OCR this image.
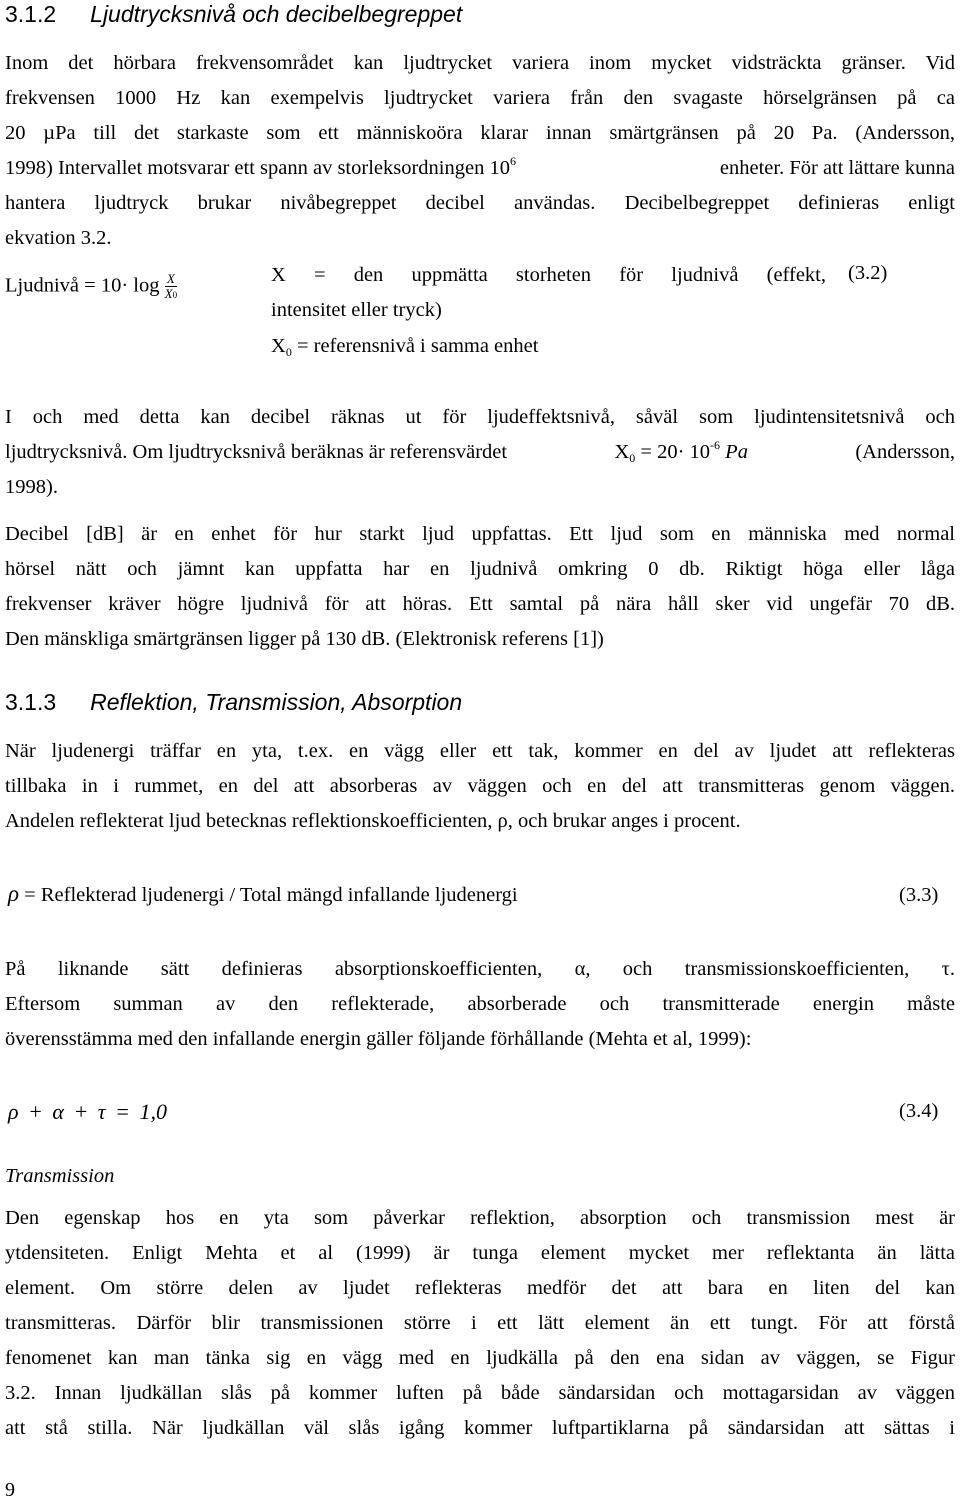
3.1.2 Ljudtrycksnivå och decibelbegreppet
Inom det hörbara frekvensområdet kan ljudtrycket variera inom mycket vidsträckta gränser. Vid
frekvensen 1000 Hz kan exempelvis ljudtrycket variera från den svagaste hörselgränsen på ca
20 µPa till det starkaste som ett människoöra klarar innan smärtgränsen på 20 Pa. (Andersson,
1998) Intervallet motsvarar ett spann av storleksordningen $10^6$	enheter. För att lättare kunna
hantera ljudtryck brukar nivåbegreppet decibel användas. Decibelbegreppet definieras enligt
ekvation 3.2.
Ljudnivå = $10\cdot \log \frac{X}{X0}$	X = den uppmätta storheten för ljudnivå (effekt, (3.2)
intensitet eller tryck)
$X_0$ = referensnivå i samma enhet
I och med detta kan decibel räknas ut för ljudeffektsnivå, såväl som ljudintensitetsnivå och
ljudtrycksnivå. Om ljudtrycksnivå beräknas är referensvärdet	$X_0 = 20\cdot 10^{-6}$ Pa	(Andersson,
1998).
Decibel [dB] är en enhet för hur starkt ljud uppfattas. Ett ljud som en människa med normal
hörsel nätt och jämnt kan uppfatta har en ljudnivå omkring 0 db. Riktigt höga eller låga
frekvenser kräver högre ljudnivå för att höras. Ett samtal på nära håll sker vid ungefär 70 dB.
Den mänskliga smärtgränsen ligger på 130 dB. (Elektronisk referens [1])
3.1.3 Reflektion, Transmission, Absorption
När ljudenergi träffar en yta, t.ex. en vägg eller ett tak, kommer en del av ljudet att reflekteras
tillbaka in i rummet, en del att absorberas av väggen och en del att transmitteras genom väggen.
Andelen reflekterat ljud betecknas reflektionskoefficienten, ρ, och brukar anges i procent.
ρ = Reflekterad ljudenergi / Total mängd infallande ljudenergi	(3.3)
På liknande sätt definieras absorptionskoefficienten, α, och transmissionskoefficienten, τ.
Eftersom summan av den reflekterade, absorberade och transmitterade energin måste
överensstämma med den infallande energin gäller följande förhållande (Mehta et al, 1999):
ρ + α + τ = 1,0	(3.4)
Transmission
Den egenskap hos en yta som påverkar reflektion, absorption och transmission mest är
ytdensiteten. Enligt Mehta et al (1999) är tunga element mycket mer reflektanta än lätta
element. Om större delen av ljudet reflekteras medför det att bara en liten del kan
transmitteras. Därför blir transmissionen större i ett lätt element än ett tungt. För att förstå
fenomenet kan man tänka sig en vägg med en ljudkälla på den ena sidan av väggen, se Figur
3.2. Innan ljudkällan slås på kommer luften på både sändarsidan och mottagarsidan av väggen
att stå stilla. När ljudkällan väl slås igång kommer luftpartiklarna på sändarsidan att sättas i
9
